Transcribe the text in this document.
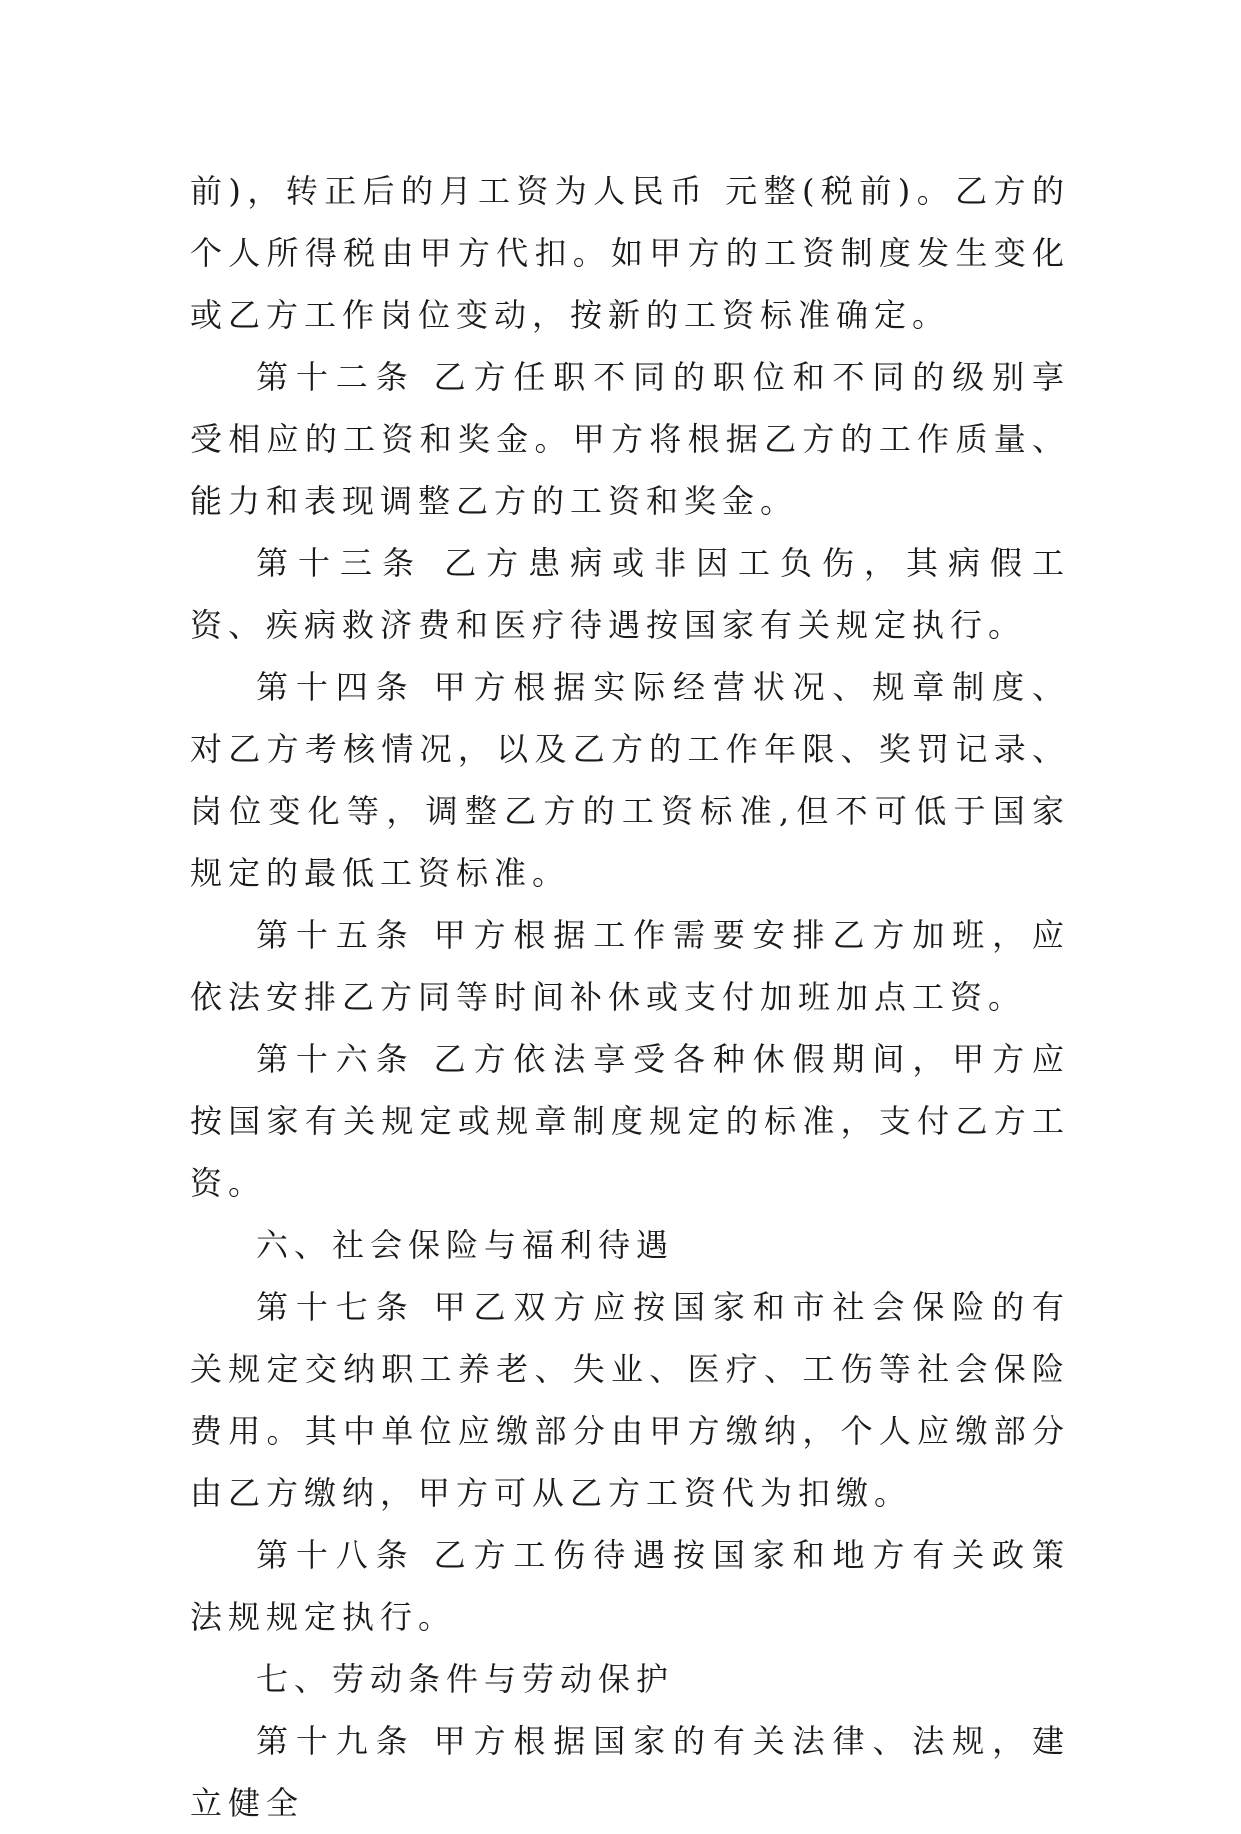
前)，转正后的月工资为人民币 元整(税前)。乙方的个人所得税由甲方代扣。如甲方的工资制度发生变化或乙方工作岗位变动，按新的工资标准确定。

第十二条 乙方任职不同的职位和不同的级别享受相应的工资和奖金。甲方将根据乙方的工作质量、能力和表现调整乙方的工资和奖金。

第十三条 乙方患病或非因工负伤，其病假工资、疾病救济费和医疗待遇按国家有关规定执行。

第十四条 甲方根据实际经营状况、规章制度、对乙方考核情况，以及乙方的工作年限、奖罚记录、岗位变化等，调整乙方的工资标准,但不可低于国家规定的最低工资标准。

第十五条 甲方根据工作需要安排乙方加班，应依法安排乙方同等时间补休或支付加班加点工资。

第十六条 乙方依法享受各种休假期间，甲方应按国家有关规定或规章制度规定的标准，支付乙方工资。

六、社会保险与福利待遇

第十七条 甲乙双方应按国家和市社会保险的有关规定交纳职工养老、失业、医疗、工伤等社会保险费用。其中单位应缴部分由甲方缴纳，个人应缴部分由乙方缴纳，甲方可从乙方工资代为扣缴。

第十八条 乙方工伤待遇按国家和地方有关政策法规规定执行。

七、劳动条件与劳动保护

第十九条 甲方根据国家的有关法律、法规，建立健全
